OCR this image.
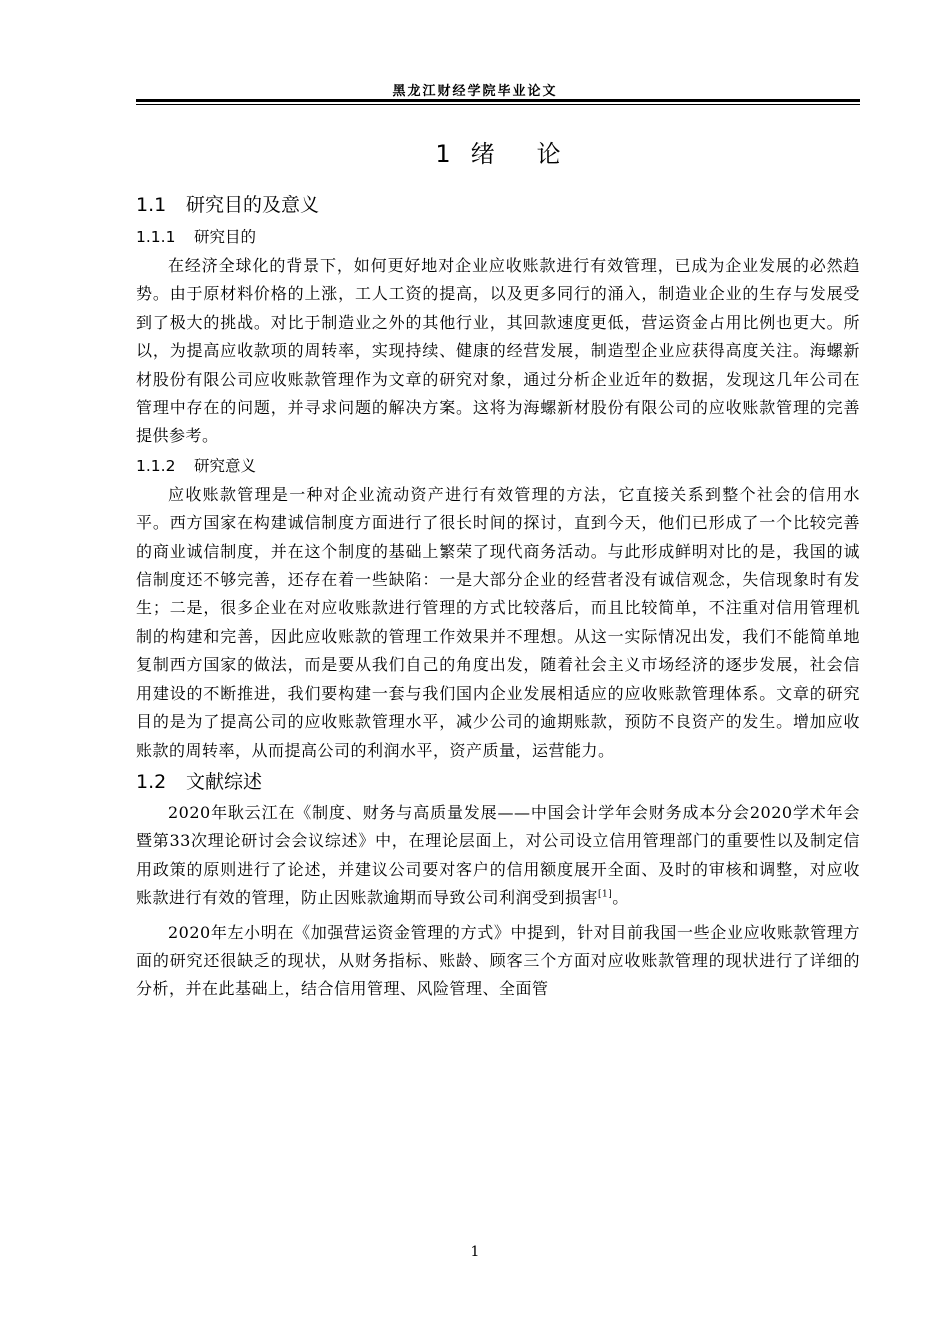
黑龙江财经学院毕业论文
1 绪 论
1.1 研究目的及意义
1.1.1 研究目的

在经济全球化的背景下，如何更好地对企业应收账款进行有效管理，已成为企业发展的必然趋势。由于原材料价格的上涨，工人工资的提高，以及更多同行的涌入，制造业企业的生存与发展受到了极大的挑战。对比于制造业之外的其他行业，其回款速度更低，营运资金占用比例也更大。所以，为提高应收款项的周转率，实现持续、健康的经营发展，制造型企业应获得高度关注。海螺新材股份有限公司应收账款管理作为文章的研究对象，通过分析企业近年的数据，发现这几年公司在管理中存在的问题，并寻求问题的解决方案。这将为海螺新材股份有限公司的应收账款管理的完善提供参考。

1.1.2 研究意义

应收账款管理是一种对企业流动资产进行有效管理的方法，它直接关系到整个社会的信用水平。西方国家在构建诚信制度方面进行了很长时间的探讨，直到今天，他们已形成了一个比较完善的商业诚信制度，并在这个制度的基础上繁荣了现代商务活动。与此形成鲜明对比的是，我国的诚信制度还不够完善，还存在着一些缺陷：一是大部分企业的经营者没有诚信观念，失信现象时有发生；二是，很多企业在对应收账款进行管理的方式比较落后，而且比较简单，不注重对信用管理机制的构建和完善，因此应收账款的管理工作效果并不理想。从这一实际情况出发，我们不能简单地复制西方国家的做法，而是要从我们自己的角度出发，随着社会主义市场经济的逐步发展，社会信用建设的不断推进，我们要构建一套与我们国内企业发展相适应的应收账款管理体系。文章的研究目的是为了提高公司的应收账款管理水平，减少公司的逾期账款，预防不良资产的发生。增加应收账款的周转率，从而提高公司的利润水平，资产质量，运营能力。

1.2 文献综述

2020年耿云江在《制度、财务与高质量发展——中国会计学年会财务成本分会2020学术年会暨第33次理论研讨会会议综述》中，在理论层面上，对公司设立信用管理部门的重要性以及制定信用政策的原则进行了论述，并建议公司要对客户的信用额度展开全面、及时的审核和调整，对应收账款进行有效的管理，防止因账款逾期而导致公司利润受到损害[1]。

2020年左小明在《加强营运资金管理的方式》中提到，针对目前我国一些企业应收账款管理方面的研究还很缺乏的现状，从财务指标、账龄、顾客三个方面对应收账款管理的现状进行了详细的分析，并在此基础上，结合信用管理、风险管理、全面管

1
